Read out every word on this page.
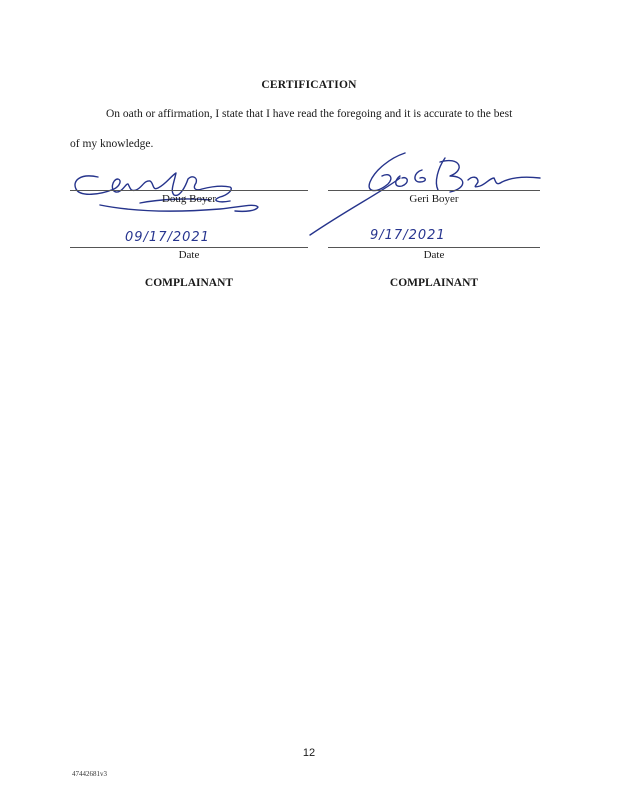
CERTIFICATION
On oath or affirmation, I state that I have read the foregoing and it is accurate to the best
of my knowledge.
Doug Boyer
09/17/2021
Date
COMPLAINANT
Geri Boyer
9/17/2021
Date
COMPLAINANT
12
47442681v3
